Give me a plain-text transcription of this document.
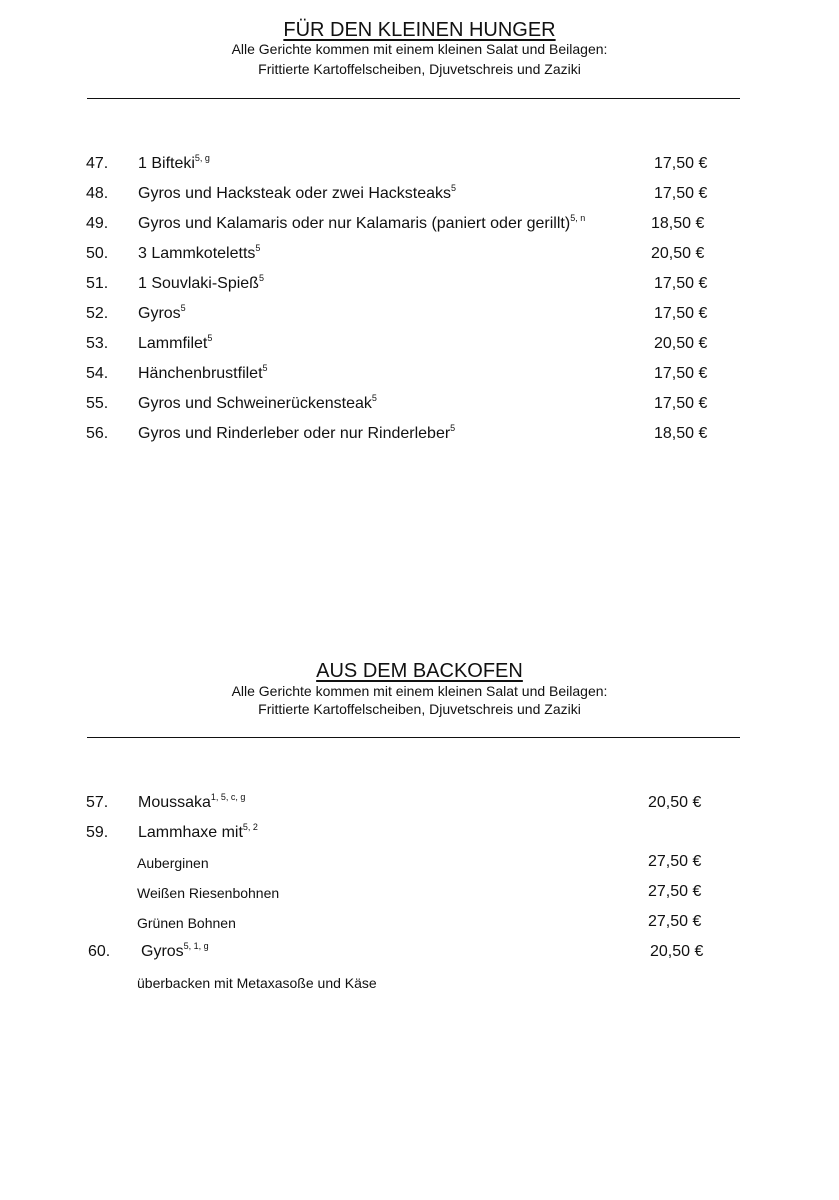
FÜR DEN KLEINEN HUNGER
Alle Gerichte kommen mit einem kleinen Salat und Beilagen:
Frittierte Kartoffelscheiben, Djuvetschreis und Zaziki
47. 1 Bifteki$^{5, g}$	17,50 €
48. Gyros und Hacksteak oder zwei Hacksteaks$^5$	17,50 €
49. Gyros und Kalamaris oder nur Kalamaris (paniert oder gerillt)$^{5, n}$	18,50 €
50. 3 Lammkoteletts$^5$	20,50 €
51. 1 Souvlaki-Spieß$^5$	17,50 €
52. Gyros$^5$	17,50 €
53. Lammfilet$^5$	20,50 €
54. Hänchenbrustfilet$^5$	17,50 €
55. Gyros und Schweinerückensteak$^5$	17,50 €
56. Gyros und Rinderleber oder nur Rinderleber$^5$	18,50 €
AUS DEM BACKOFEN
Alle Gerichte kommen mit einem kleinen Salat und Beilagen:
Frittierte Kartoffelscheiben, Djuvetschreis und Zaziki
57. Moussaka$^{1, 5, c, g}$	20,50 €
59. Lammhaxe mit$^{5, 2}$
Auberginen	27,50 €
Weißen Riesenbohnen	27,50 €
Grünen Bohnen	27,50 €
60. Gyros$^{5, 1, g}$	20,50 €
überbacken mit Metaxasoße und Käse
